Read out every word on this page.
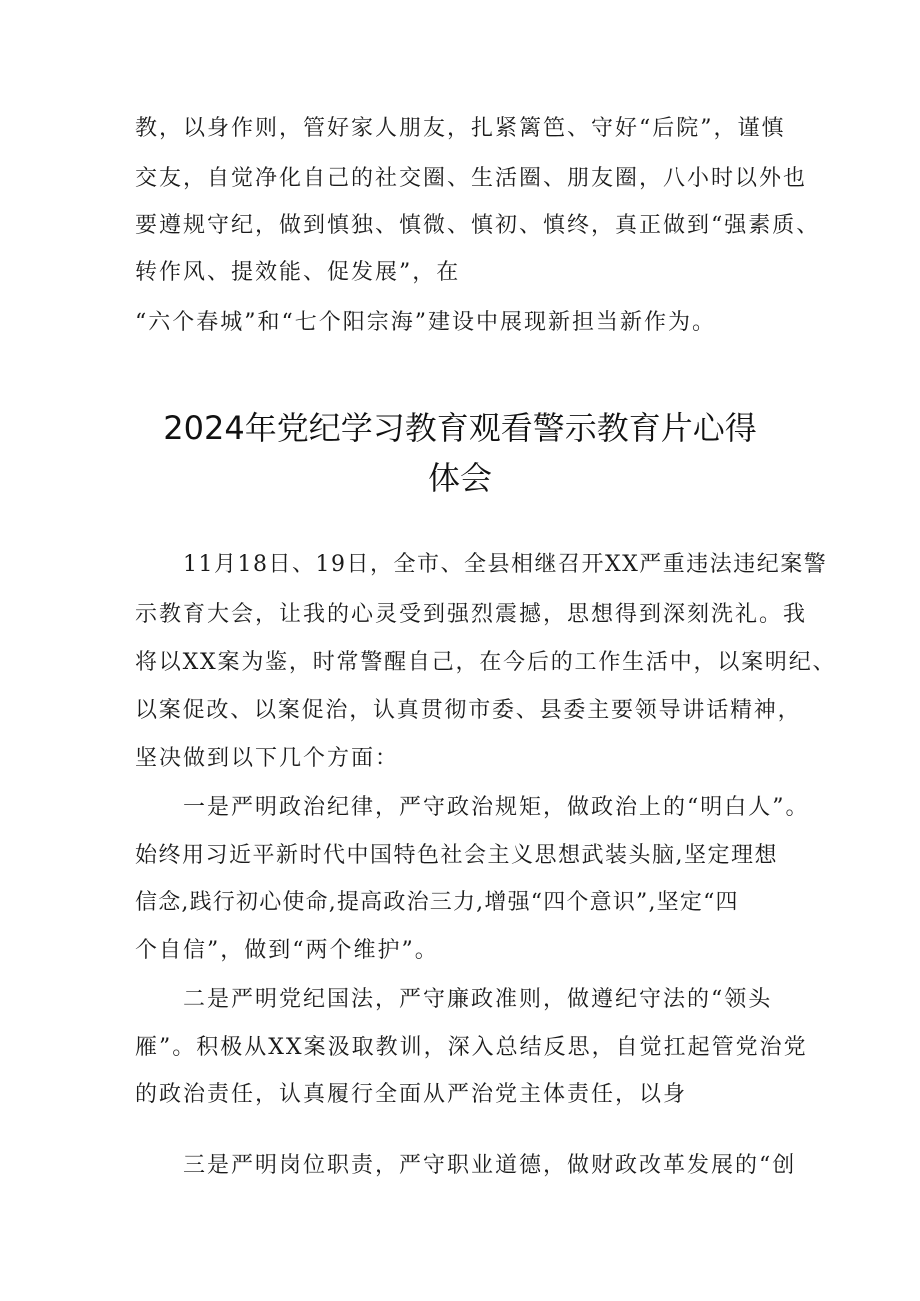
教，以身作则，管好家人朋友，扎紧篱笆、守好“后院”，谨慎
交友，自觉净化自己的社交圈、生活圈、朋友圈，八小时以外也
要遵规守纪，做到慎独、慎微、慎初、慎终，真正做到“强素质、
转作风、提效能、促发展”，在
“六个春城”和“七个阳宗海”建设中展现新担当新作为。
2024年党纪学习教育观看警示教育片心得
体会
11月18日、19日，全市、全县相继召开XX严重违法违纪案警
示教育大会，让我的心灵受到强烈震撼，思想得到深刻洗礼。我
将以XX案为鉴，时常警醒自己，在今后的工作生活中，以案明纪、
以案促改、以案促治，认真贯彻市委、县委主要领导讲话精神，
坚决做到以下几个方面：
一是严明政治纪律，严守政治规矩，做政治上的“明白人”。
始终用习近平新时代中国特色社会主义思想武装头脑,坚定理想
信念,践行初心使命,提高政治三力,增强“四个意识”,坚定“四
个自信”，做到“两个维护”。
二是严明党纪国法，严守廉政准则，做遵纪守法的“领头
雁”。积极从XX案汲取教训，深入总结反思，自觉扛起管党治党
的政治责任，认真履行全面从严治党主体责任，以身
三是严明岗位职责，严守职业道德，做财政改革发展的“创
